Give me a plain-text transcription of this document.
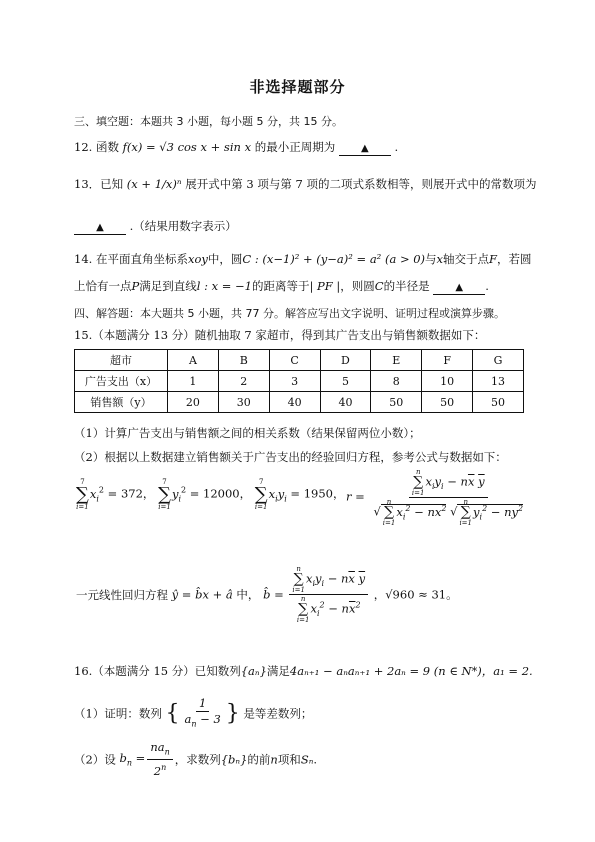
非选择题部分
三、填空题：本题共 3 小题，每小题 5 分，共 15 分。
12. 函数 f(x) = √3 cos x + sin x 的最小正周期为	▲ .
13．已知 (x + 1/x)ⁿ 展开式中第 3 项与第 7 项的二项式系数相等，则展开式中的常数项为
▲ .（结果用数字表示）
14. 在平面直角坐标系xoy中，圆C : (x−1)² + (y−a)² = a² (a > 0)与x轴交于点F，若圆
上恰有一点P满足到直线l : x = −1的距离等于| PF |，则圆C的半径是	▲ .
四、解答题：本大题共 5 小题，共 77 分。解答应写出文字说明、证明过程或演算步骤。
15.（本题满分 13 分）随机抽取 7 家超市，得到其广告支出与销售额数据如下：
超市	A	B	C	D	E	F	G
广告支出（x）	1	2	3	5	8	10	13
销售额（y）	20	30	40	40	50	50	50
（1）计算广告支出与销售额之间的相关系数（结果保留两位小数）；
（2）根据以上数据建立销售额关于广告支出的经验回归方程，参考公式与数据如下：
7
∑
i=1
$x_i^2 = 372$，
7
∑
i=1
$y_i^2 = 12000$，
7
∑
i=1
$x_iy_i = 1950$， r = n
∑
i=1
$x_iy_i - n\overline{x}$ $\overline{y}$
√
n
∑
i=1
$x_i^2 - n\overline{x}^2$ √
n
∑
i=1
$y_i^2 - n\overline{y}^2$
一元线性回归方程 ŷ = b̂x + â 中， b̂ = n
∑
i=1
$x_iy_i - n\overline{x}$ $\overline{y}$
n
∑
i=1
$x_i^2 - n\overline{x}^2$ ，√960 ≈ 31。
16.（本题满分 15 分）已知数列{aₙ}满足4aₙ₊₁ − aₙaₙ₊₁ + 2aₙ = 9 (n ∈ N*)，a₁ = 2.
（1）证明：数列 { $\frac{1}{a_n - 3}$ } 是等差数列；
（2）设 $b_n = \frac{na_n}{2^n}$ ，求数列{bₙ}的前n项和Sₙ.
